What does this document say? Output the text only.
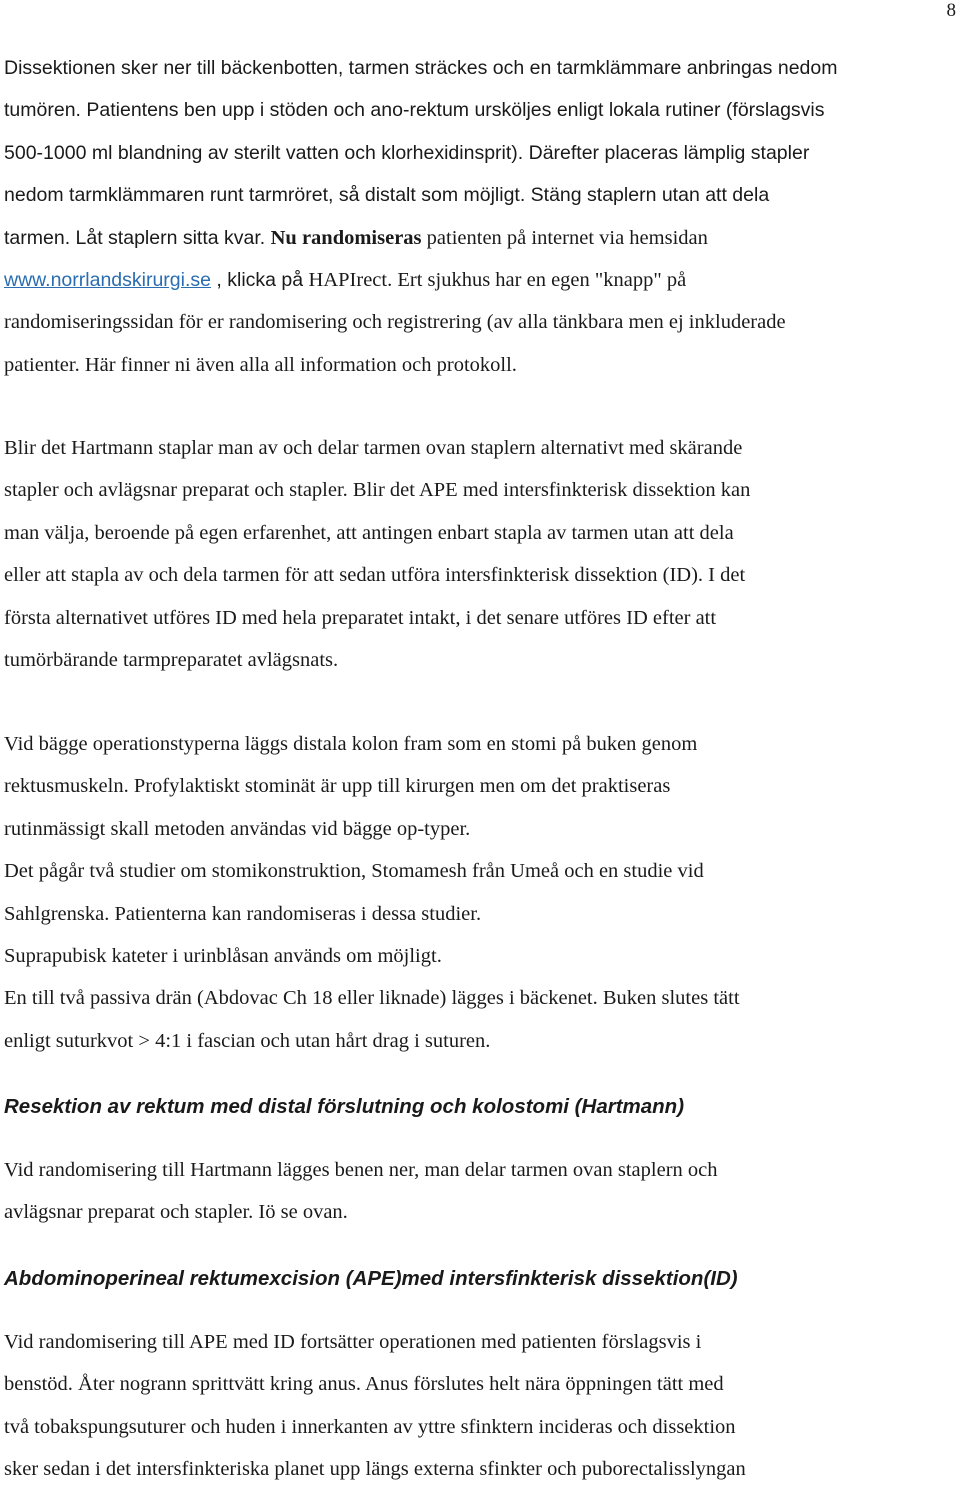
8
Dissektionen sker ner till bäckenbotten, tarmen sträckes och en tarmklämmare anbringas nedom
tumören. Patientens ben upp i stöden och ano-rektum ursköljes enligt lokala rutiner (förslagsvis
500-1000 ml blandning av sterilt vatten och klorhexidinsprit). Därefter placeras lämplig stapler
nedom tarmklämmaren runt tarmröret, så distalt som möjligt. Stäng staplern utan att dela
tarmen. Låt staplern sitta kvar. Nu randomiseras patienten på internet via hemsidan
www.norrlandskirurgi.se , klicka på HAPIrect. Ert sjukhus har en egen "knapp" på
randomiseringssidan för er randomisering och registrering (av alla tänkbara men ej inkluderade
patienter. Här finner ni även alla all information och protokoll.
Blir det Hartmann staplar man av och delar tarmen ovan staplern alternativt med skärande
stapler och avlägsnar preparat och stapler. Blir det APE med intersfinkterisk dissektion kan
man välja, beroende på egen erfarenhet, att antingen enbart stapla av tarmen utan att dela
eller att stapla av och dela tarmen för att sedan utföra intersfinkterisk dissektion (ID). I det
första alternativet utföres ID med hela preparatet intakt, i det senare utföres ID efter att
tumörbärande tarmpreparatet avlägsnats.
Vid bägge operationstyperna läggs distala kolon fram som en stomi på buken genom
rektusmuskeln. Profylaktiskt stominät är upp till kirurgen men om det praktiseras
rutinmässigt skall metoden användas vid bägge op-typer.
Det pågår två studier om stomikonstruktion, Stomamesh från Umeå och en studie vid
Sahlgrenska. Patienterna kan randomiseras i dessa studier.
Suprapubisk kateter i urinblåsan används om möjligt.
En till två passiva drän (Abdovac Ch 18 eller liknade) lägges i bäckenet. Buken slutes tätt
enligt suturkvot > 4:1 i fascian och utan hårt drag i suturen.
Resektion av rektum med distal förslutning och kolostomi (Hartmann)
Vid randomisering till Hartmann lägges benen ner, man delar tarmen ovan staplern och
avlägsnar preparat och stapler. Iö se ovan.
Abdominoperineal rektumexcision (APE)med intersfinkterisk dissektion(ID)
Vid randomisering till APE med ID fortsätter operationen med patienten förslagsvis i
benstöd. Åter nogrann sprittvätt kring anus. Anus förslutes helt nära öppningen tätt med
två tobakspungsuturer och huden i innerkanten av yttre sfinktern incideras och dissektion
sker sedan i det intersfinkteriska planet upp längs externa sfinkter och puborectalisslyngan
